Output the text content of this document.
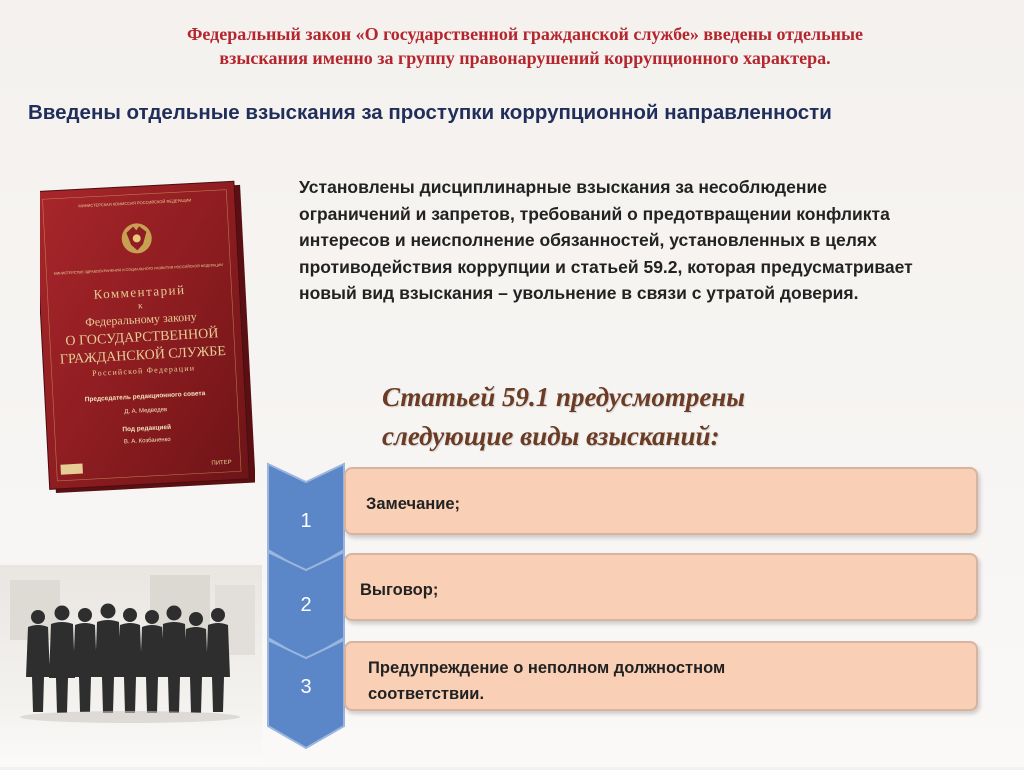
Федеральный закон «О государственной гражданской службе» введены отдельные
взыскания именно за группу правонарушений коррупционного характера.
Введены отдельные взыскания за проступки коррупционной направленности
Установлены дисциплинарные взыскания за несоблюдение ограничений и запретов, требований о предотвращении конфликта интересов и неисполнение обязанностей, установленных в целях противодействия коррупции и статьей 59.2, которая предусматривает новый вид взыскания – увольнение в связи с утратой доверия.
Статьей 59.1 предусмотрены
следующие виды взысканий:
МИНИСТЕРСКАЯ КОМИССИЯ РОССИЙСКОЙ ФЕДЕРАЦИИ
МИНИСТЕРСТВО ЗДРАВООХРАНЕНИЯ И СОЦИАЛЬНОГО РАЗВИТИЯ РОССИЙСКОЙ ФЕДЕРАЦИИ
Комментарий
к
Федеральному закону
О ГОСУДАРСТВЕННОЙ
ГРАЖДАНСКОЙ СЛУЖБЕ
Российской Федерации
Председатель редакционного совета
Д. А. Медведев
Под редакцией
В. А. Козбаненко
ПИТЕР
1
2
3
Замечание;
Выговор;
Предупреждение о неполном должностном соответствии.
